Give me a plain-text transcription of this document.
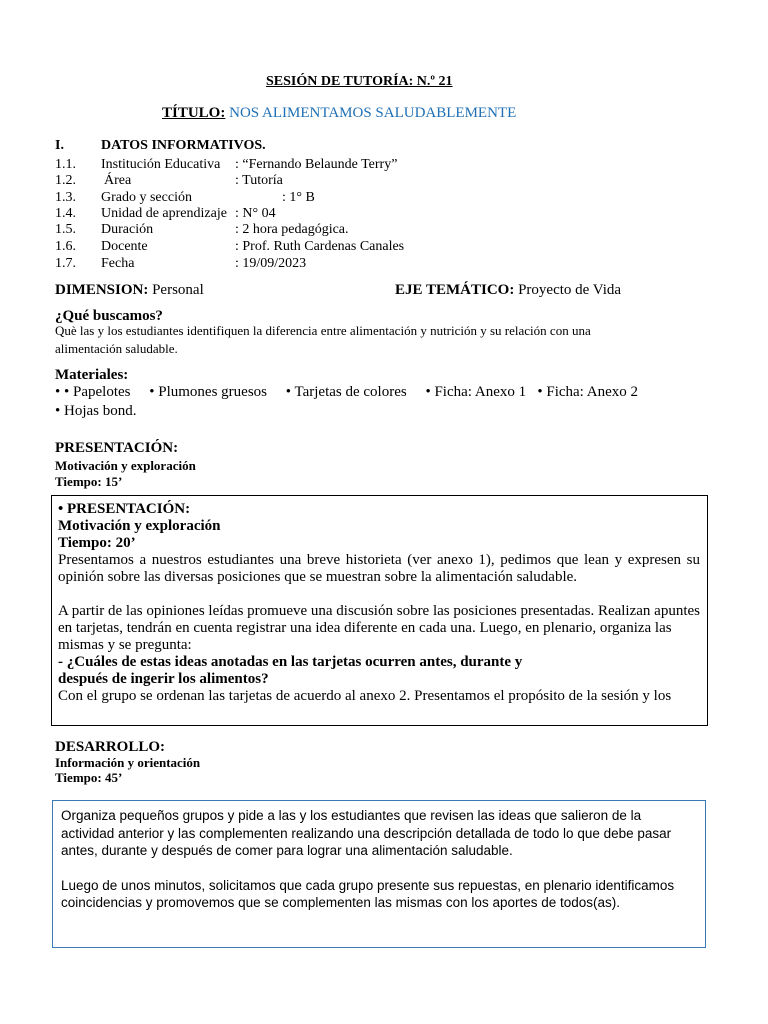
SESIÓN DE TUTORÍA: N.º 21
TÍTULO: NOS ALIMENTAMOS SALUDABLEMENTE
I.	DATOS INFORMATIVOS.
1.1. Institución Educativa : “Fernando Belaunde Terry”
1.2. Área	: Tutoría
1.3. Grado y sección	: 1° B
1.4. Unidad de aprendizaje : N° 04
1.5. Duración	: 2 hora pedagógica.
1.6. Docente	: Prof. Ruth Cardenas Canales
1.7. Fecha	: 19/09/2023
DIMENSION: Personal	EJE TEMÁTICO: Proyecto de Vida
¿Qué buscamos?
Què las y los estudiantes identifiquen la diferencia entre alimentación y nutrición y su relación con una
alimentación saludable.
Materiales:
• • Papelotes     • Plumones gruesos     • Tarjetas de colores     • Ficha: Anexo 1   • Ficha: Anexo 2
• Hojas bond.
PRESENTACIÓN:
Motivación y exploración
Tiempo: 15’

• PRESENTACIÓN:

Motivación y exploración

Tiempo: 20’

Presentamos a nuestros estudiantes una breve historieta (ver anexo 1), pedimos que lean y expresen su opinión sobre las diversas posiciones que se muestran sobre la alimentación saludable.

A partir de las opiniones leídas promueve una discusión sobre las posiciones presentadas. Realizan apuntes en tarjetas, tendrán en cuenta registrar una idea diferente en cada una. Luego, en plenario, organiza las

mismas y se pregunta:

- ¿Cuáles de estas ideas anotadas en las tarjetas ocurren antes, durante y

después de ingerir los alimentos?

Con el grupo se ordenan las tarjetas de acuerdo al anexo 2. Presentamos el propósito de la sesión y los

DESARROLLO:
Información y orientación
Tiempo: 45’

Organiza pequeños grupos y pide a las y los estudiantes que revisen las ideas que salieron de la actividad anterior y las complementen realizando una descripción detallada de todo lo que debe pasar antes, durante y después de comer para lograr una alimentación saludable.

Luego de unos minutos, solicitamos que cada grupo presente sus repuestas, en plenario identificamos coincidencias y promovemos que se complementen las mismas con los aportes de todos(as).
